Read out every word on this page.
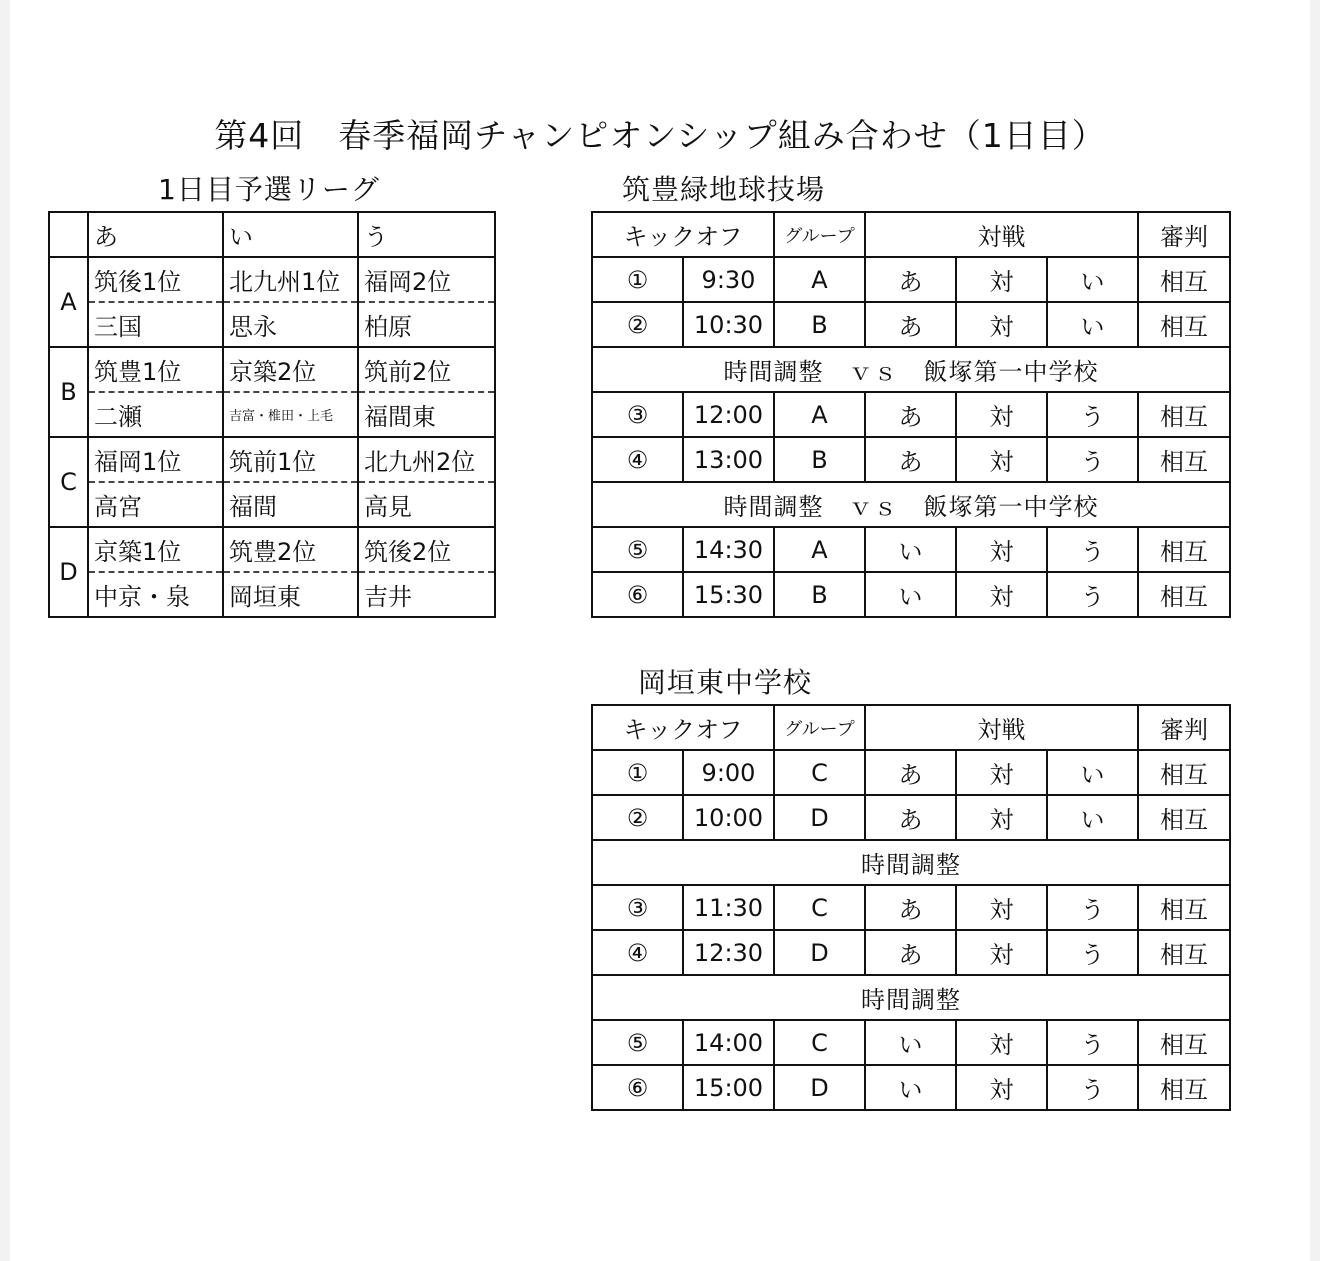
第4回　春季福岡チャンピオンシップ組み合わせ（1日目）
1日目予選リーグ
	あ	い	う
A	筑後1位	北九州1位	福岡2位
	三国	思永	柏原
B	筑豊1位	京築2位	筑前2位
	二瀬	吉富・椎田・上毛	福間東
C	福岡1位	筑前1位	北九州2位
	高宮	福間	高見
D	京築1位	筑豊2位	筑後2位
	中京・泉	岡垣東	吉井
筑豊緑地球技場
キックオフ		グループ	対戦			審判
①	9:30	A	あ	対	い	相互
②	10:30	B	あ	対	い	相互
時間調整　ｖｓ　飯塚第一中学校						
③	12:00	A	あ	対	う	相互
④	13:00	B	あ	対	う	相互
時間調整　ｖｓ　飯塚第一中学校						
⑤	14:30	A	い	対	う	相互
⑥	15:30	B	い	対	う	相互
岡垣東中学校
キックオフ		グループ	対戦			審判
①	9:00	C	あ	対	い	相互
②	10:00	D	あ	対	い	相互
時間調整						
③	11:30	C	あ	対	う	相互
④	12:30	D	あ	対	う	相互
時間調整						
⑤	14:00	C	い	対	う	相互
⑥	15:00	D	い	対	う	相互
